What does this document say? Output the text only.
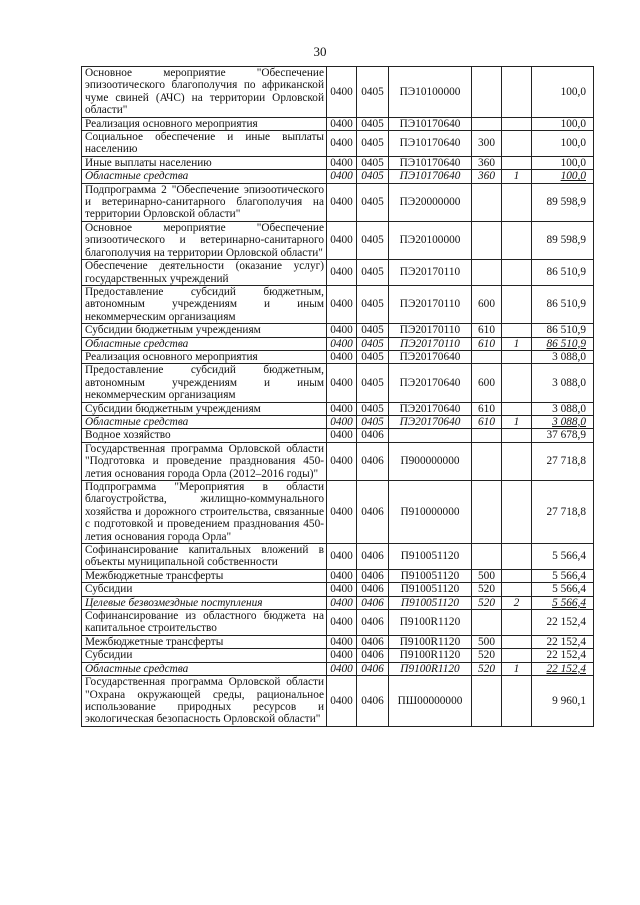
30
Основное мероприятие "Обеспечение эпизоотического благополучия по африканской чуме свиней (АЧС) на территории Орловской области"	0400	0405	ПЭ10100000			100,0
Реализация основного мероприятия	0400	0405	ПЭ10170640			100,0
Социальное обеспечение и иные выплаты населению	0400	0405	ПЭ10170640	300		100,0
Иные выплаты населению	0400	0405	ПЭ10170640	360		100,0
Областные средства	0400	0405	ПЭ10170640	360	1	100,0
Подпрограмма 2 "Обеспечение эпизоотического и ветеринарно-санитарного благополучия на территории Орловской области"	0400	0405	ПЭ20000000			89 598,9
Основное мероприятие "Обеспечение эпизоотического и ветеринарно-санитарного благополучия на территории Орловской области"	0400	0405	ПЭ20100000			89 598,9
Обеспечение деятельности (оказание услуг) государственных учреждений	0400	0405	ПЭ20170110			86 510,9
Предоставление субсидий бюджетным, автономным учреждениям и иным некоммерческим организациям	0400	0405	ПЭ20170110	600		86 510,9
Субсидии бюджетным учреждениям	0400	0405	ПЭ20170110	610		86 510,9
Областные средства	0400	0405	ПЭ20170110	610	1	86 510,9
Реализация основного мероприятия	0400	0405	ПЭ20170640			3 088,0
Предоставление субсидий бюджетным, автономным учреждениям и иным некоммерческим организациям	0400	0405	ПЭ20170640	600		3 088,0
Субсидии бюджетным учреждениям	0400	0405	ПЭ20170640	610		3 088,0
Областные средства	0400	0405	ПЭ20170640	610	1	3 088,0
Водное хозяйство	0400	0406				37 678,9
Государственная программа Орловской области "Подготовка и проведение празднования 450-летия основания города Орла (2012–2016 годы)"	0400	0406	П900000000			27 718,8
Подпрограмма "Мероприятия в области благоустройства, жилищно-коммунального хозяйства и дорожного строительства, связанные с подготовкой и проведением празднования 450-летия основания города Орла"	0400	0406	П910000000			27 718,8
Софинансирование капитальных вложений в объекты муниципальной собственности	0400	0406	П910051120			5 566,4
Межбюджетные трансферты	0400	0406	П910051120	500		5 566,4
Субсидии	0400	0406	П910051120	520		5 566,4
Целевые безвозмездные поступления	0400	0406	П910051120	520	2	5 566,4
Софинансирование из областного бюджета на капитальное строительство	0400	0406	П9100R1120			22 152,4
Межбюджетные трансферты	0400	0406	П9100R1120	500		22 152,4
Субсидии	0400	0406	П9100R1120	520		22 152,4
Областные средства	0400	0406	П9100R1120	520	1	22 152,4
Государственная программа Орловской области "Охрана окружающей среды, рациональное использование природных ресурсов и экологическая безопасность Орловской области"	0400	0406	ПШ00000000			9 960,1
